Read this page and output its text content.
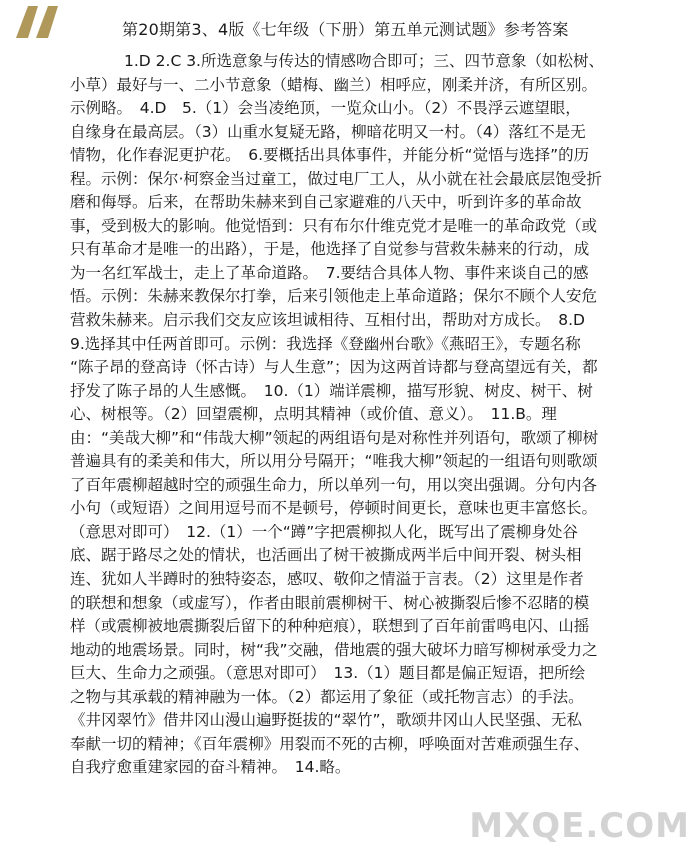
第20期第3、4版《七年级（下册）第五单元测试题》参考答案
1.D 2.C 3.所选意象与传达的情感吻合即可；三、四节意象（如松树、
小草）最好与一、二小节意象（蜡梅、幽兰）相呼应，刚柔并济，有所区别。
示例略。　4.D　5.（1）会当凌绝顶，一览众山小。（2）不畏浮云遮望眼，
自缘身在最高层。（3）山重水复疑无路，柳暗花明又一村。（4）落红不是无
情物，化作春泥更护花。　6.要概括出具体事件，并能分析“觉悟与选择”的历
程。示例：保尔·柯察金当过童工，做过电厂工人，从小就在社会最底层饱受折
磨和侮辱。后来，在帮助朱赫来到自己家避难的八天中，听到许多的革命故
事，受到极大的影响。他觉悟到：只有布尔什维克党才是唯一的革命政党（或
只有革命才是唯一的出路），于是，他选择了自觉参与营救朱赫来的行动，成
为一名红军战士，走上了革命道路。　7.要结合具体人物、事件来谈自己的感
悟。示例：朱赫来教保尔打拳，后来引领他走上革命道路；保尔不顾个人安危
营救朱赫来。启示我们交友应该坦诚相待、互相付出，帮助对方成长。　8.D
9.选择其中任两首即可。示例：我选择《登幽州台歌》《燕昭王》，专题名称
“陈子昂的登高诗（怀古诗）与人生意”；因为这两首诗都与登高望远有关，都
抒发了陈子昂的人生感慨。　10.（1）端详震柳，描写形貌、树皮、树干、树
心、树根等。（2）回望震柳，点明其精神（或价值、意义）。　11.B。理
由：“美哉大柳”和“伟哉大柳”领起的两组语句是对称性并列语句，歌颂了柳树
普遍具有的柔美和伟大，所以用分号隔开；“唯我大柳”领起的一组语句则歌颂
了百年震柳超越时空的顽强生命力，所以单列一句，用以突出强调。分句内各
小句（或短语）之间用逗号而不是顿号，停顿时间更长，意味也更丰富悠长。
（意思对即可）　12.（1）一个“蹲”字把震柳拟人化，既写出了震柳身处谷
底、踞于路尽之处的情状，也活画出了树干被撕成两半后中间开裂、树头相
连、犹如人半蹲时的独特姿态，感叹、敬仰之情溢于言表。（2）这里是作者
的联想和想象（或虚写），作者由眼前震柳树干、树心被撕裂后惨不忍睹的模
样（或震柳被地震撕裂后留下的种种疤痕），联想到了百年前雷鸣电闪、山摇
地动的地震场景。同时，树“我”交融，借地震的强大破坏力暗写柳树承受力之
巨大、生命力之顽强。（意思对即可）　13.（1）题目都是偏正短语，把所绘
之物与其承载的精神融为一体。（2）都运用了象征（或托物言志）的手法。
《井冈翠竹》借井冈山漫山遍野挺拔的“翠竹”，歌颂井冈山人民坚强、无私
奉献一切的精神；《百年震柳》用裂而不死的古柳，呼唤面对苦难顽强生存、
自我疗愈重建家园的奋斗精神。　14.略。
MXQE.COM
